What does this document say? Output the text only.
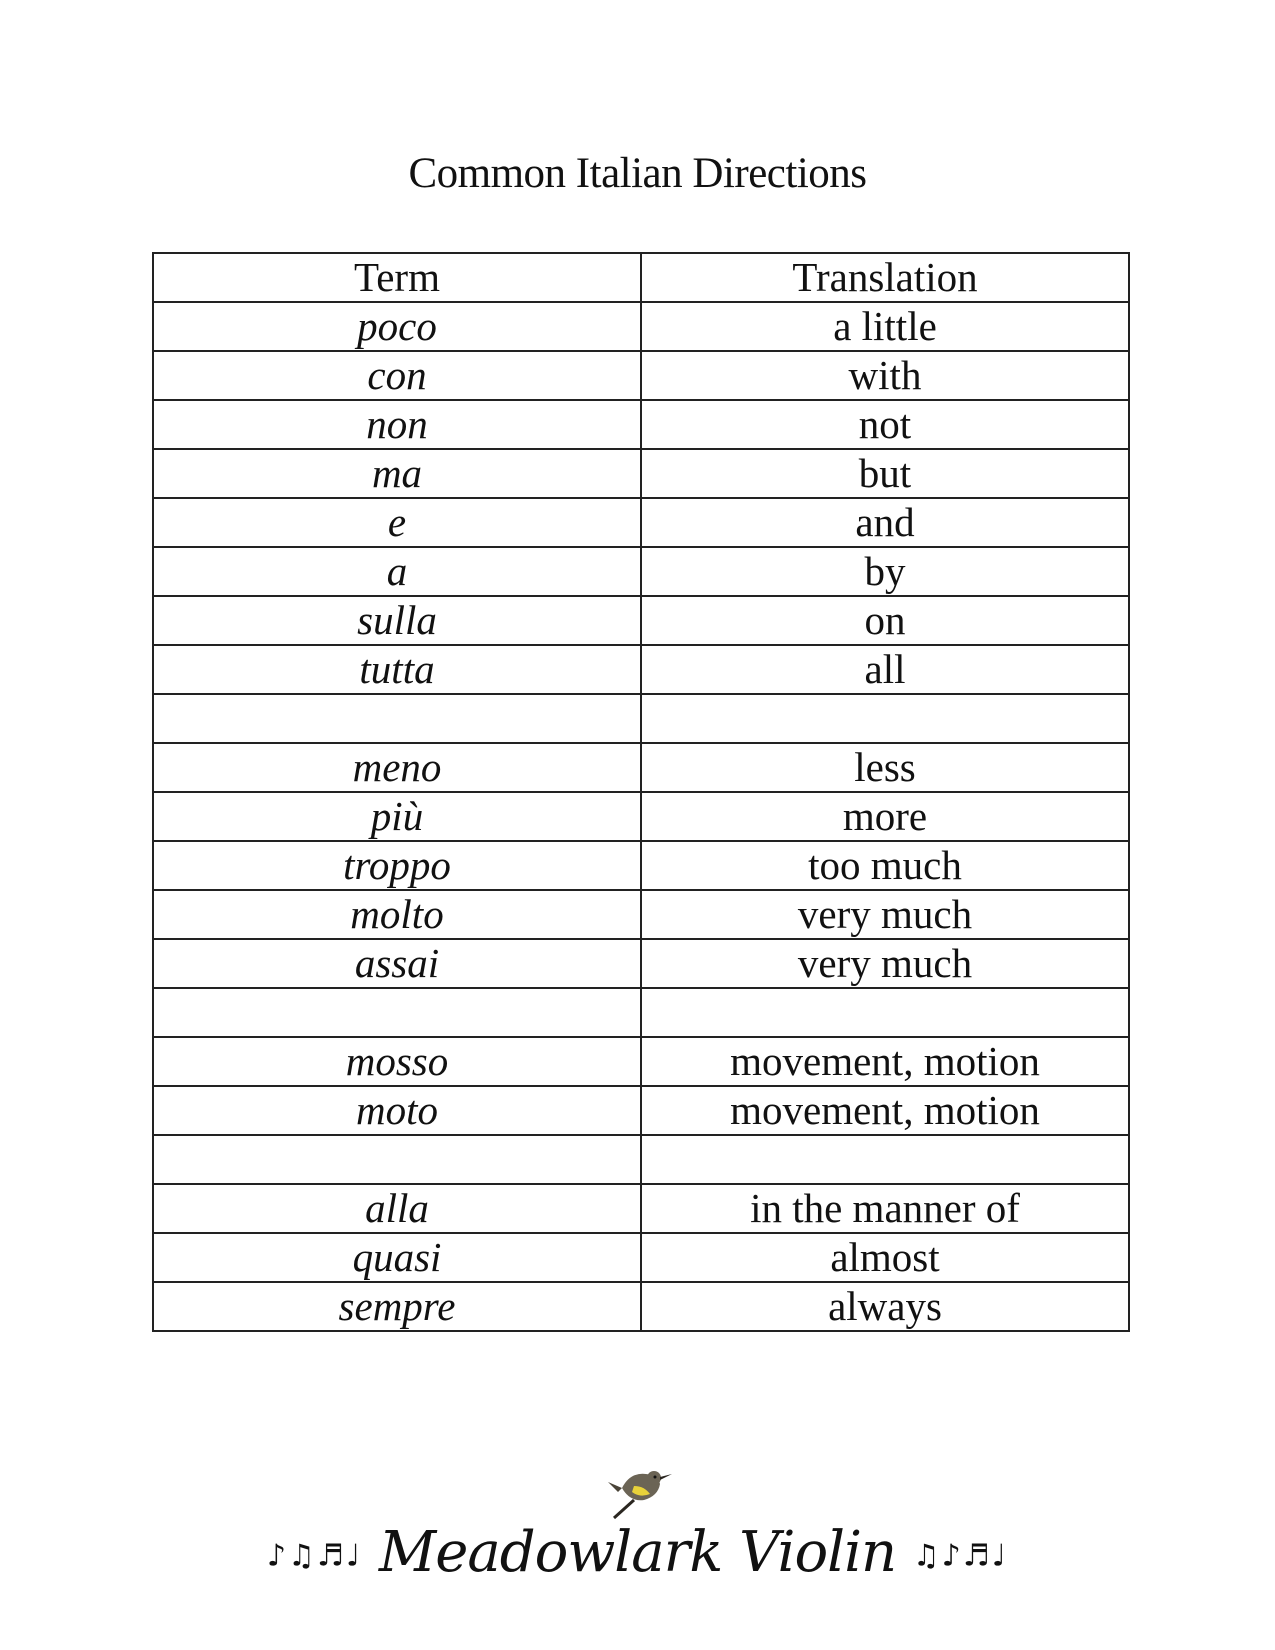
Common Italian Directions
Term	Translation
poco	a little
con	with
non	not
ma	but
e	and
a	by
sulla	on
tutta	all

meno	less
più	more
troppo	too much
molto	very much
assai	very much

mosso	movement, motion
moto	movement, motion

alla	in the manner of
quasi	almost
sempre	always
♪♫♬♩ Meadowlark Violin ♫♪♬♩
